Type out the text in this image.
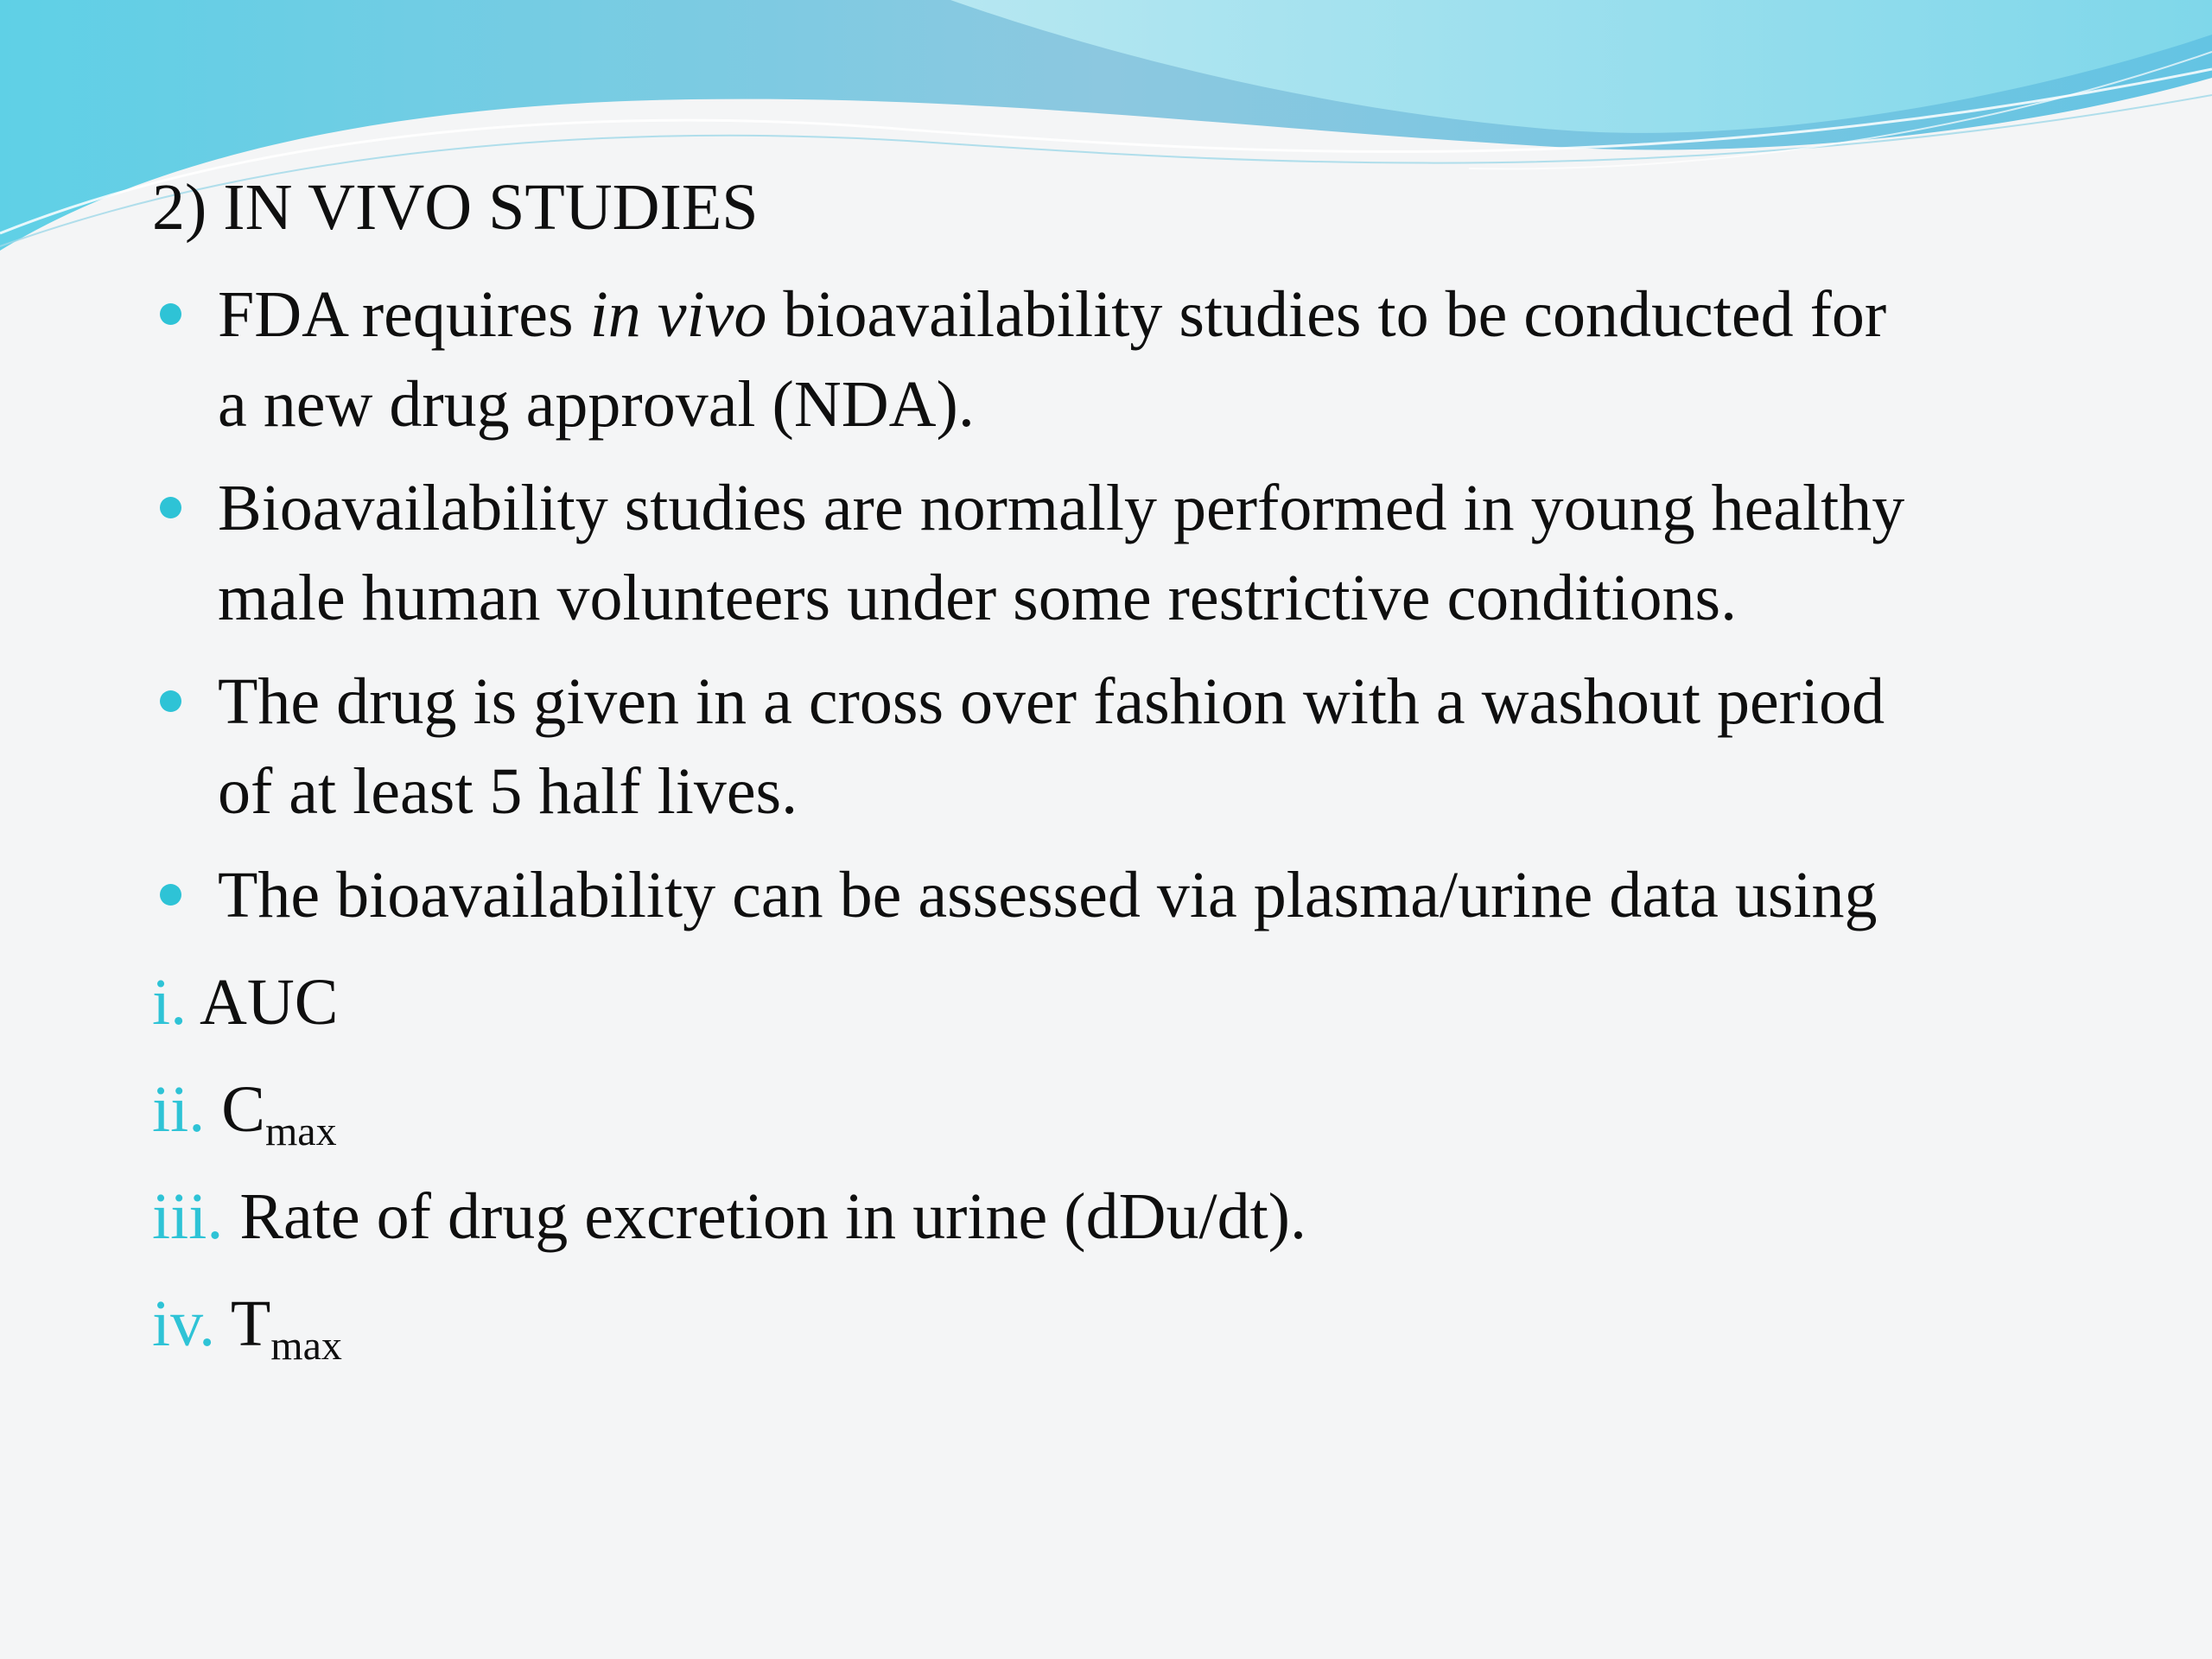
2) IN VIVO STUDIES
FDA requires in vivo bioavailability studies to be conducted for
a new drug approval (NDA).
Bioavailability studies are normally performed in young healthy
male human volunteers under some restrictive conditions.
The drug is given in a cross over fashion with a washout period
of at least 5 half lives.
The bioavailability can be assessed via plasma/urine data using
i. AUC
ii. $C_{max}$
iii. Rate of drug excretion in urine (dDu/dt).
iv. $T_{max}$
